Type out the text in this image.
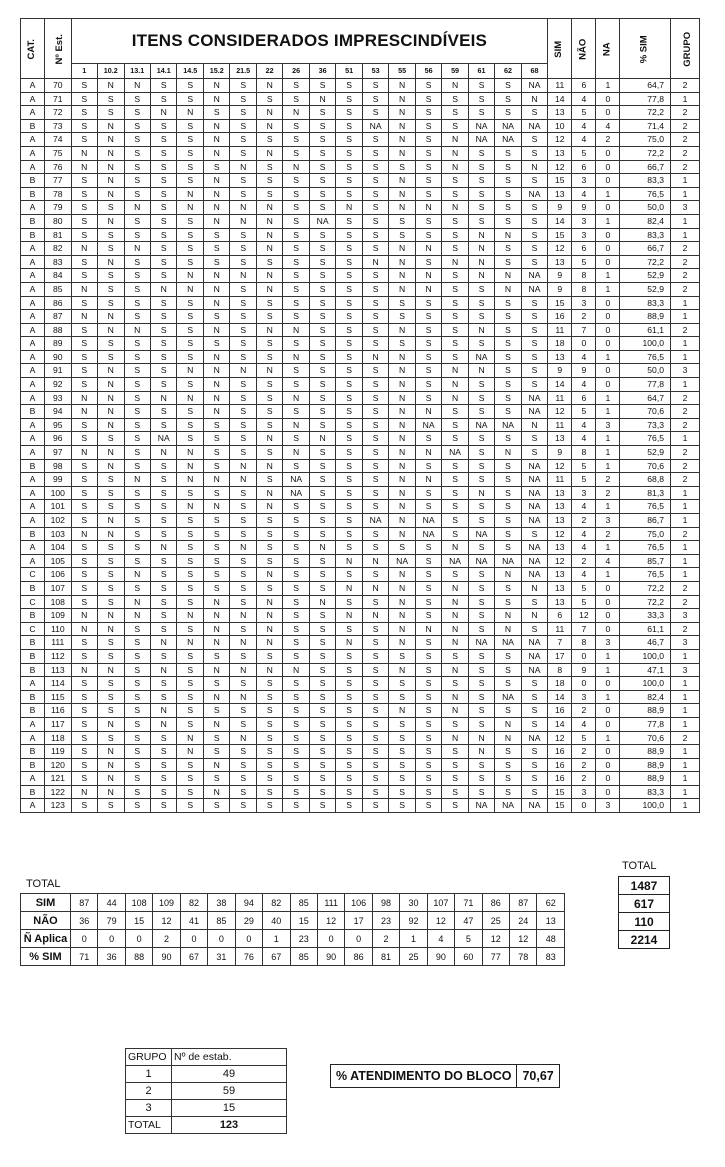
CAT.	Nº Est.	ITENS CONSIDERADOS IMPRESCINDÍVEIS																		SIM	NÃO	NA	% SIM	GRUPO
		1	10.2	13.1	14.1	14.5	15.2	21.5	22	26	36	51	53	55	56	59	61	62	68					
A	70	S	N	N	S	S	N	S	N	S	S	S	S	N	S	N	S	S	NA	11	6	1	64,7	2
A	71	S	S	S	S	S	N	S	S	S	N	S	S	N	S	S	S	S	N	14	4	0	77,8	1
A	72	S	S	S	N	N	S	S	N	N	S	S	S	N	S	S	S	S	S	13	5	0	72,2	2
B	73	S	N	S	S	S	N	S	N	S	S	S	NA	N	S	S	NA	NA	NA	10	4	4	71,4	2
A	74	S	N	S	S	S	N	S	S	S	S	S	S	N	S	N	NA	NA	S	12	4	2	75,0	2
A	75	N	N	S	S	S	N	S	N	S	S	S	S	N	S	N	S	S	S	13	5	0	72,2	2
A	76	N	N	S	S	S	S	N	S	N	S	S	S	S	S	N	S	S	N	12	6	0	66,7	2
B	77	S	N	S	S	S	N	S	S	S	S	S	S	N	S	S	S	S	S	15	3	0	83,3	1
B	78	S	N	S	S	N	N	S	S	S	S	S	S	N	S	S	S	S	NA	13	4	1	76,5	1
A	79	S	S	N	S	N	N	N	N	S	S	N	S	N	N	N	S	S	S	9	9	0	50,0	3
B	80	S	N	S	S	S	N	N	N	S	NA	S	S	S	S	S	S	S	S	14	3	1	82,4	1
B	81	S	S	S	S	S	S	S	N	S	S	S	S	S	S	S	N	N	S	15	3	0	83,3	1
A	82	N	S	N	S	S	S	S	N	S	S	S	S	N	N	S	N	S	S	12	6	0	66,7	2
A	83	S	N	S	S	S	S	S	S	S	S	S	N	N	S	N	N	S	S	13	5	0	72,2	2
A	84	S	S	S	S	N	N	N	N	S	S	S	S	N	N	S	N	N	NA	9	8	1	52,9	2
A	85	N	S	S	N	N	N	S	N	S	S	S	S	N	N	S	S	N	NA	9	8	1	52,9	2
A	86	S	S	S	S	S	N	S	S	S	S	S	S	S	S	S	S	S	S	15	3	0	83,3	1
A	87	N	N	S	S	S	S	S	S	S	S	S	S	S	S	S	S	S	S	16	2	0	88,9	1
A	88	S	N	N	S	S	N	S	N	N	S	S	S	N	S	S	N	S	S	11	7	0	61,1	2
A	89	S	S	S	S	S	S	S	S	S	S	S	S	S	S	S	S	S	S	18	0	0	100,0	1
A	90	S	S	S	S	S	N	S	S	N	S	S	N	N	S	S	NA	S	S	13	4	1	76,5	1
A	91	S	N	S	S	N	N	N	N	S	S	S	S	N	S	N	N	S	S	9	9	0	50,0	3
A	92	S	N	S	S	S	N	S	S	S	S	S	S	N	S	N	S	S	S	14	4	0	77,8	1
A	93	N	N	S	N	N	N	S	S	N	S	S	S	N	S	N	S	S	NA	11	6	1	64,7	2
B	94	N	N	S	S	S	N	S	S	S	S	S	S	N	N	S	S	S	NA	12	5	1	70,6	2
A	95	S	N	S	S	S	S	S	S	N	S	S	S	N	NA	S	NA	NA	N	11	4	3	73,3	2
A	96	S	S	S	NA	S	S	S	N	S	N	S	S	N	S	S	S	S	S	13	4	1	76,5	1
A	97	N	N	S	N	N	S	S	S	N	S	S	S	N	N	NA	S	N	S	9	8	1	52,9	2
B	98	S	N	S	S	N	S	N	N	S	S	S	S	N	S	S	S	S	NA	12	5	1	70,6	2
A	99	S	S	N	S	N	N	N	S	NA	S	S	S	N	N	S	S	S	NA	11	5	2	68,8	2
A	100	S	S	S	S	S	S	S	N	NA	S	S	S	N	S	S	N	S	NA	13	3	2	81,3	1
A	101	S	S	S	S	N	N	S	N	S	S	S	S	N	S	S	S	S	NA	13	4	1	76,5	1
A	102	S	N	S	S	S	S	S	S	S	S	S	NA	N	NA	S	S	S	NA	13	2	3	86,7	1
B	103	N	N	S	S	S	S	S	S	S	S	S	S	N	NA	S	NA	S	S	12	4	2	75,0	2
A	104	S	S	S	N	S	S	N	S	S	N	S	S	S	S	N	S	S	NA	13	4	1	76,5	1
A	105	S	S	S	S	S	S	S	S	S	S	N	N	NA	S	NA	NA	NA	NA	12	2	4	85,7	1
C	106	S	S	N	S	S	S	S	N	S	S	S	S	N	S	S	S	N	NA	13	4	1	76,5	1
B	107	S	S	S	S	S	S	S	S	S	S	N	N	N	S	N	S	S	N	13	5	0	72,2	2
C	108	S	S	N	S	S	N	S	N	S	N	S	S	N	S	N	S	S	S	13	5	0	72,2	2
B	109	N	N	N	S	N	N	N	N	S	S	N	N	N	S	N	S	N	N	6	12	0	33,3	3
C	110	N	N	S	S	S	N	S	N	S	S	S	S	N	N	N	S	N	S	11	7	0	61,1	2
B	111	S	S	S	N	N	N	N	N	S	S	N	S	N	S	N	NA	NA	NA	7	8	3	46,7	3
B	112	S	S	S	S	S	S	S	S	S	S	S	S	S	S	S	S	S	NA	17	0	1	100,0	1
B	113	N	N	S	N	S	N	N	N	N	S	S	S	N	S	N	S	S	NA	8	9	1	47,1	3
A	114	S	S	S	S	S	S	S	S	S	S	S	S	S	S	S	S	S	S	18	0	0	100,0	1
B	115	S	S	S	S	S	N	N	S	S	S	S	S	S	S	N	S	NA	S	14	3	1	82,4	1
B	116	S	S	S	N	S	S	S	S	S	S	S	S	N	S	N	S	S	S	16	2	0	88,9	1
A	117	S	N	S	N	S	N	S	S	S	S	S	S	S	S	S	S	N	S	14	4	0	77,8	1
A	118	S	S	S	S	N	S	N	S	S	S	S	S	S	S	N	N	N	NA	12	5	1	70,6	2
B	119	S	N	S	S	N	S	S	S	S	S	S	S	S	S	S	N	S	S	16	2	0	88,9	1
B	120	S	N	S	S	S	N	S	S	S	S	S	S	S	S	S	S	S	S	16	2	0	88,9	1
A	121	S	N	S	S	S	S	S	S	S	S	S	S	S	S	S	S	S	S	16	2	0	88,9	1
B	122	N	N	S	S	S	N	S	S	S	S	S	S	S	S	S	S	S	S	15	3	0	83,3	1
A	123	S	S	S	S	S	S	S	S	S	S	S	S	S	S	S	NA	NA	NA	15	0	3	100,0	1
TOTAL
SIM	87	44	108	109	82	38	94	82	85	111	106	98	30	107	71	86	87	62
NÃO	36	79	15	12	41	85	29	40	15	12	17	23	92	12	47	25	24	13
Ñ Aplica	0	0	0	2	0	0	0	1	23	0	0	2	1	4	5	12	12	48
% SIM	71	36	88	90	67	31	76	67	85	90	86	81	25	90	60	77	78	83
TOTAL
1487
617
110
2214
GRUPO	Nº de estab.
1	49
2	59
3	15
TOTAL	123
% ATENDIMENTO DO BLOCO	70,67
